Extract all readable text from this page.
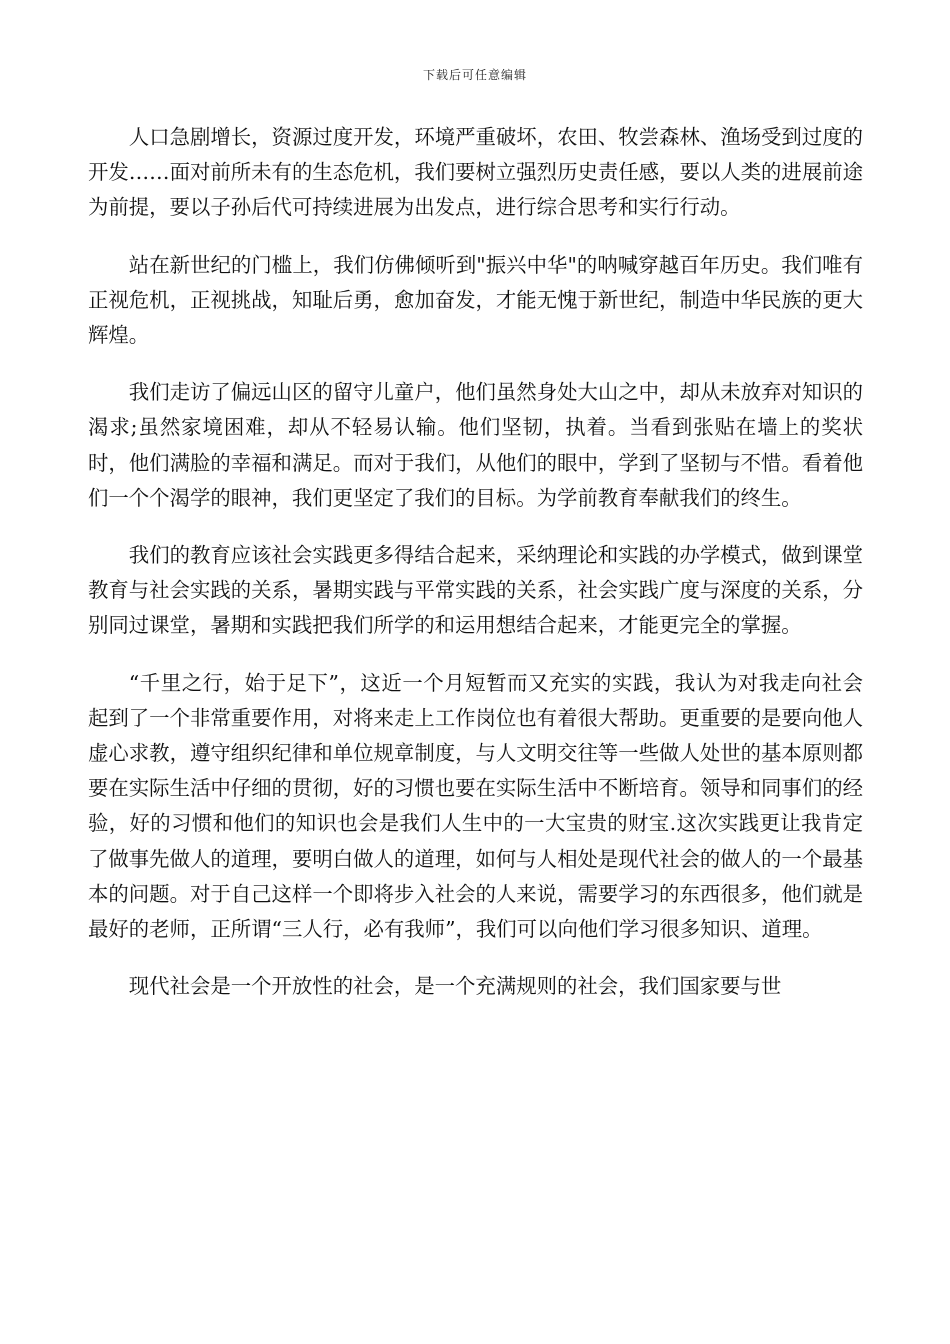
下载后可任意编辑

人口急剧增长，资源过度开发，环境严重破坏，农田、牧尝森林、渔场受到过度的开发……面对前所未有的生态危机，我们要树立强烈历史责任感，要以人类的进展前途为前提，要以子孙后代可持续进展为出发点，进行综合思考和实行行动。

站在新世纪的门槛上，我们仿佛倾听到"振兴中华"的呐喊穿越百年历史。我们唯有正视危机，正视挑战，知耻后勇，愈加奋发，才能无愧于新世纪，制造中华民族的更大辉煌。

我们走访了偏远山区的留守儿童户，他们虽然身处大山之中，却从未放弃对知识的渴求;虽然家境困难，却从不轻易认输。他们坚韧，执着。当看到张贴在墙上的奖状时，他们满脸的幸福和满足。而对于我们，从他们的眼中，学到了坚韧与不惜。看着他们一个个渴学的眼神，我们更坚定了我们的目标。为学前教育奉献我们的终生。

我们的教育应该社会实践更多得结合起来，采纳理论和实践的办学模式，做到课堂教育与社会实践的关系，暑期实践与平常实践的关系，社会实践广度与深度的关系，分别同过课堂，暑期和实践把我们所学的和运用想结合起来，才能更完全的掌握。

“千里之行，始于足下”，这近一个月短暂而又充实的实践，我认为对我走向社会起到了一个非常重要作用，对将来走上工作岗位也有着很大帮助。更重要的是要向他人虚心求教，遵守组织纪律和单位规章制度，与人文明交往等一些做人处世的基本原则都要在实际生活中仔细的贯彻，好的习惯也要在实际生活中不断培育。领导和同事们的经验，好的习惯和他们的知识也会是我们人生中的一大宝贵的财宝.这次实践更让我肯定了做事先做人的道理，要明白做人的道理，如何与人相处是现代社会的做人的一个最基本的问题。对于自己这样一个即将步入社会的人来说，需要学习的东西很多，他们就是最好的老师，正所谓“三人行，必有我师”，我们可以向他们学习很多知识、道理。

现代社会是一个开放性的社会，是一个充满规则的社会，我们国家要与世
